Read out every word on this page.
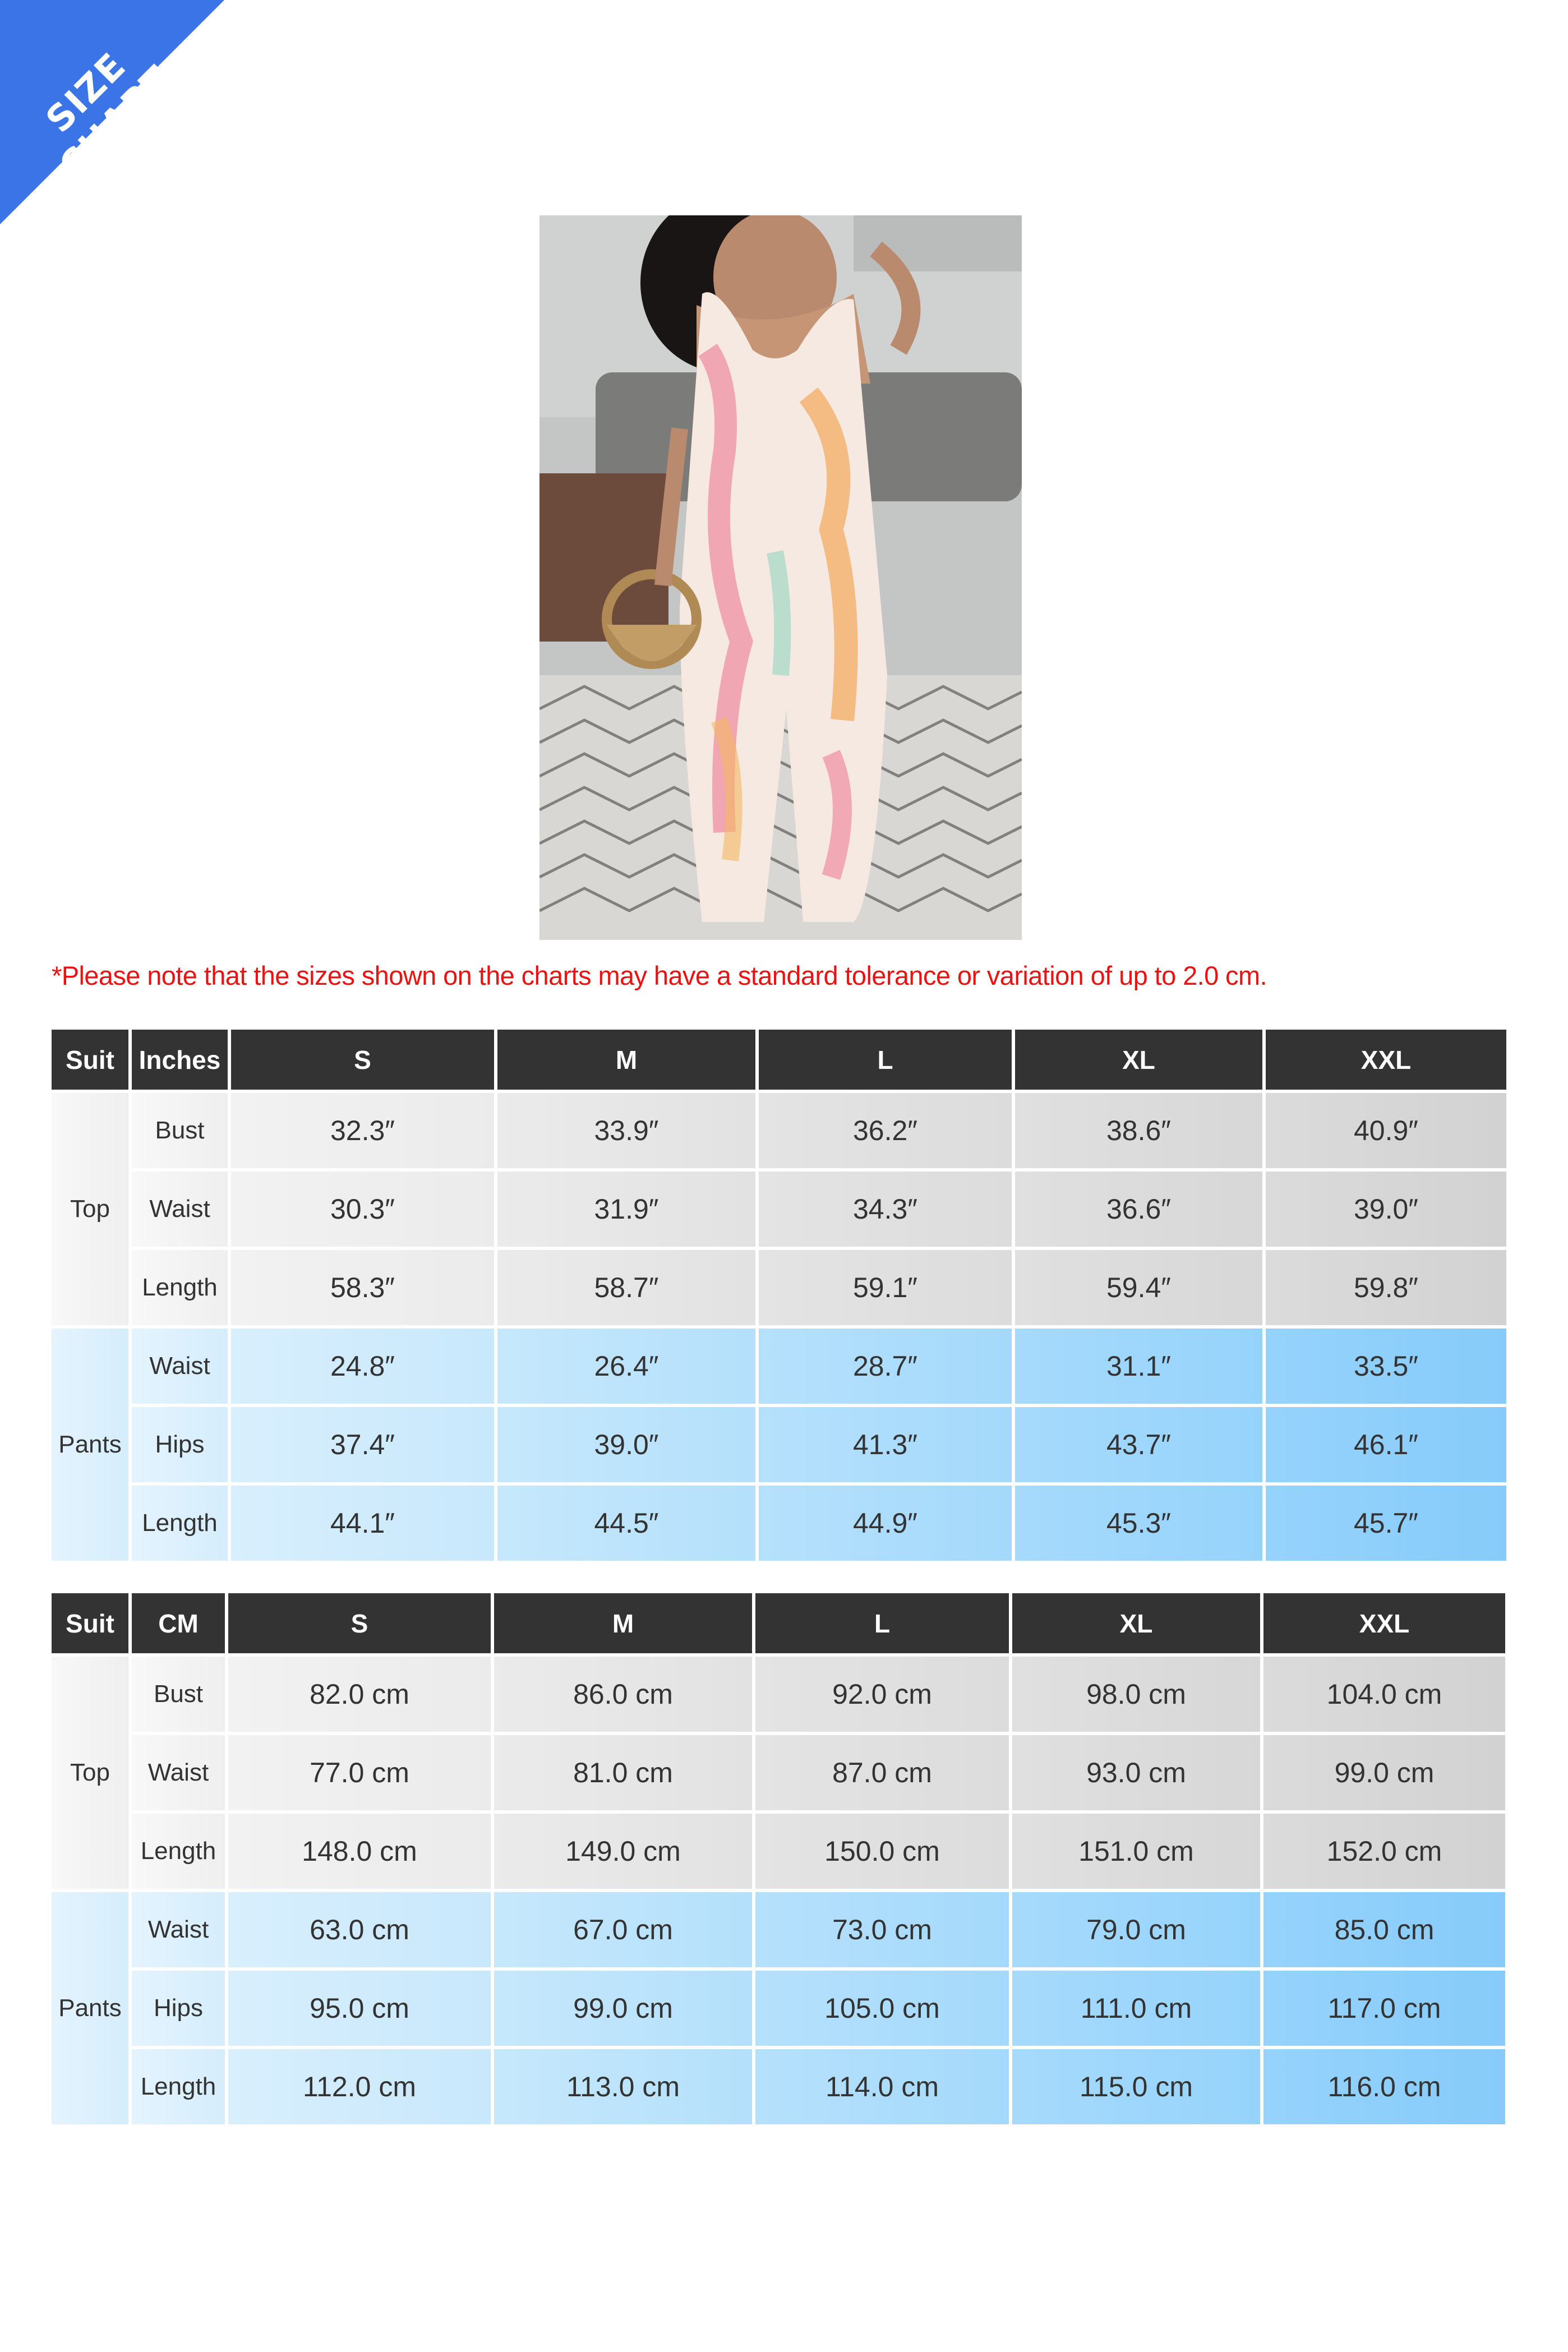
SIZE CHART
*Please note that the sizes shown on the charts may have a standard tolerance or variation of up to 2.0 cm.
Suit	Inches	S	M	L	XL	XXL
Top	Bust	32.3″	33.9″	36.2″	38.6″	40.9″
	Waist	30.3″	31.9″	34.3″	36.6″	39.0″
	Length	58.3″	58.7″	59.1″	59.4″	59.8″
Pants	Waist	24.8″	26.4″	28.7″	31.1″	33.5″
	Hips	37.4″	39.0″	41.3″	43.7″	46.1″
	Length	44.1″	44.5″	44.9″	45.3″	45.7″
Suit	CM	S	M	L	XL	XXL
Top	Bust	82.0 cm	86.0 cm	92.0 cm	98.0 cm	104.0 cm
	Waist	77.0 cm	81.0 cm	87.0 cm	93.0 cm	99.0 cm
	Length	148.0 cm	149.0 cm	150.0 cm	151.0 cm	152.0 cm
Pants	Waist	63.0 cm	67.0 cm	73.0 cm	79.0 cm	85.0 cm
	Hips	95.0 cm	99.0 cm	105.0 cm	111.0 cm	117.0 cm
	Length	112.0 cm	113.0 cm	114.0 cm	115.0 cm	116.0 cm
